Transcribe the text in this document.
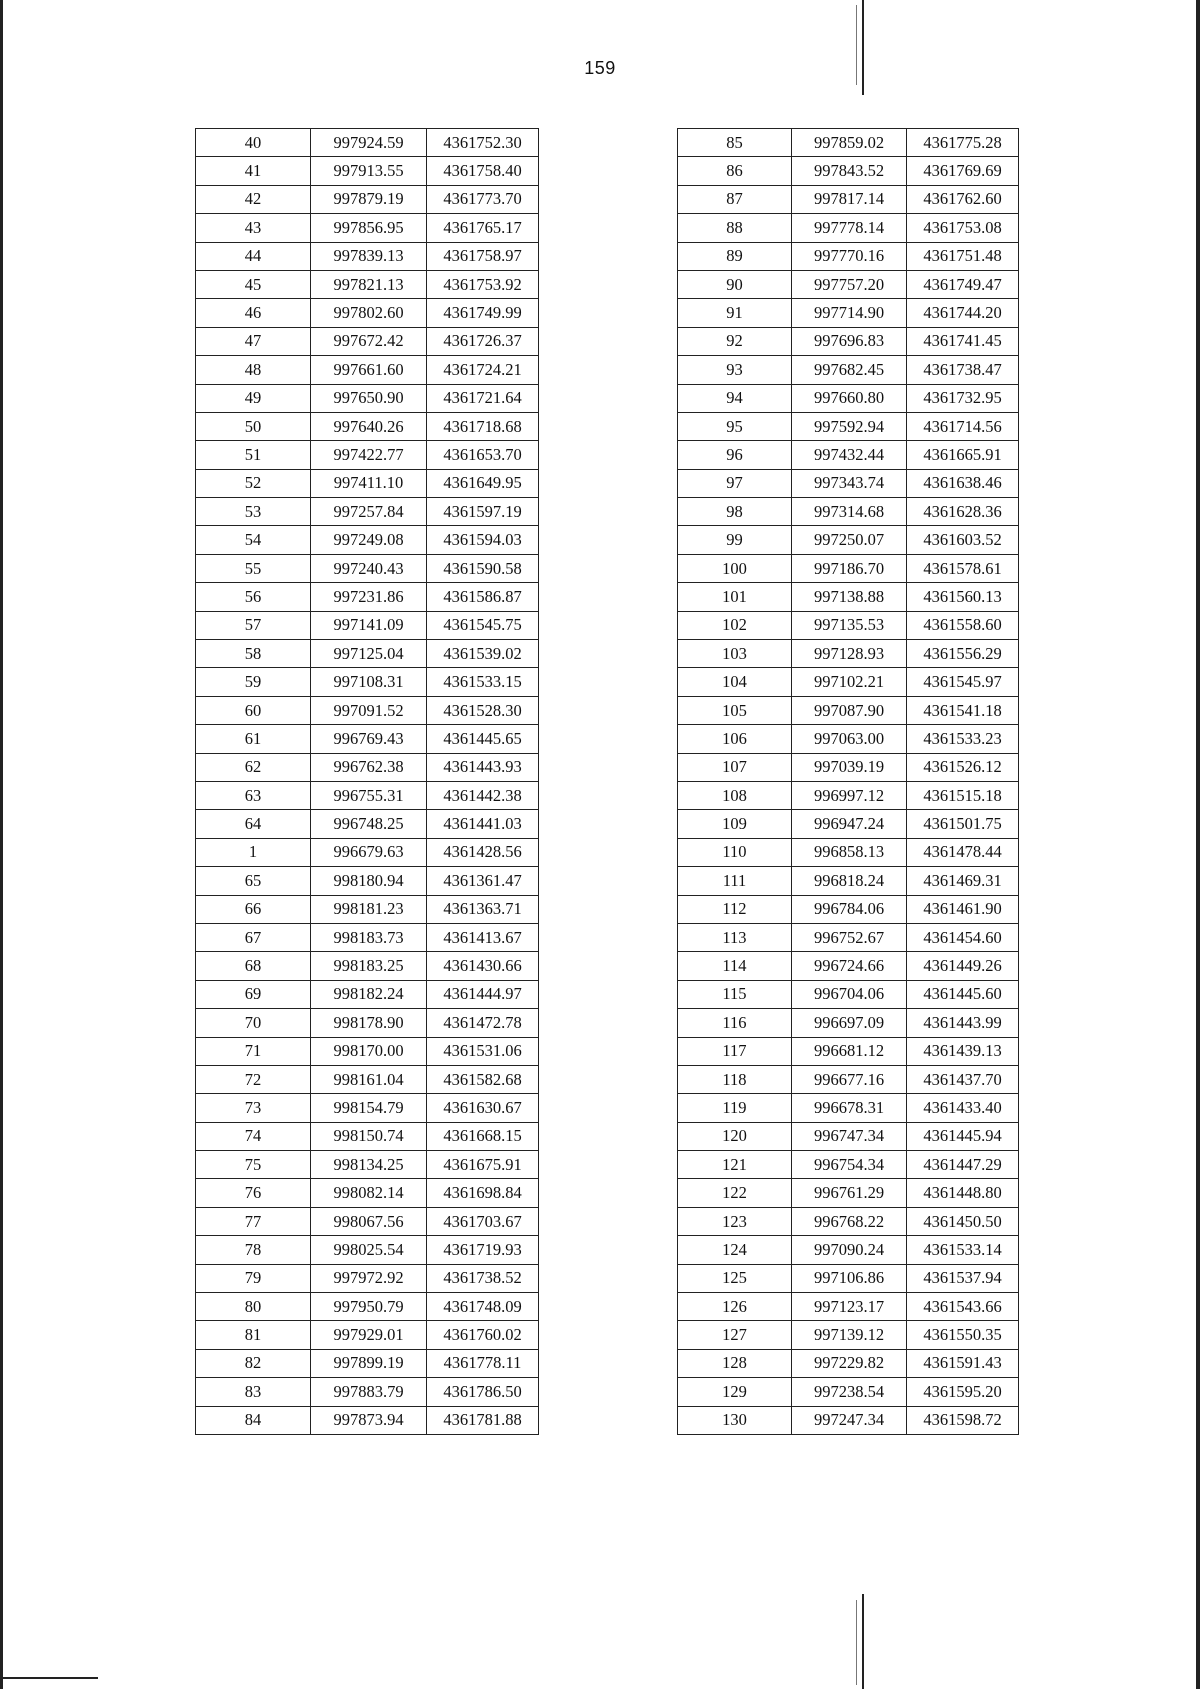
159
40	997924.59	4361752.30
41	997913.55	4361758.40
42	997879.19	4361773.70
43	997856.95	4361765.17
44	997839.13	4361758.97
45	997821.13	4361753.92
46	997802.60	4361749.99
47	997672.42	4361726.37
48	997661.60	4361724.21
49	997650.90	4361721.64
50	997640.26	4361718.68
51	997422.77	4361653.70
52	997411.10	4361649.95
53	997257.84	4361597.19
54	997249.08	4361594.03
55	997240.43	4361590.58
56	997231.86	4361586.87
57	997141.09	4361545.75
58	997125.04	4361539.02
59	997108.31	4361533.15
60	997091.52	4361528.30
61	996769.43	4361445.65
62	996762.38	4361443.93
63	996755.31	4361442.38
64	996748.25	4361441.03
1	996679.63	4361428.56
65	998180.94	4361361.47
66	998181.23	4361363.71
67	998183.73	4361413.67
68	998183.25	4361430.66
69	998182.24	4361444.97
70	998178.90	4361472.78
71	998170.00	4361531.06
72	998161.04	4361582.68
73	998154.79	4361630.67
74	998150.74	4361668.15
75	998134.25	4361675.91
76	998082.14	4361698.84
77	998067.56	4361703.67
78	998025.54	4361719.93
79	997972.92	4361738.52
80	997950.79	4361748.09
81	997929.01	4361760.02
82	997899.19	4361778.11
83	997883.79	4361786.50
84	997873.94	4361781.88
85	997859.02	4361775.28
86	997843.52	4361769.69
87	997817.14	4361762.60
88	997778.14	4361753.08
89	997770.16	4361751.48
90	997757.20	4361749.47
91	997714.90	4361744.20
92	997696.83	4361741.45
93	997682.45	4361738.47
94	997660.80	4361732.95
95	997592.94	4361714.56
96	997432.44	4361665.91
97	997343.74	4361638.46
98	997314.68	4361628.36
99	997250.07	4361603.52
100	997186.70	4361578.61
101	997138.88	4361560.13
102	997135.53	4361558.60
103	997128.93	4361556.29
104	997102.21	4361545.97
105	997087.90	4361541.18
106	997063.00	4361533.23
107	997039.19	4361526.12
108	996997.12	4361515.18
109	996947.24	4361501.75
110	996858.13	4361478.44
111	996818.24	4361469.31
112	996784.06	4361461.90
113	996752.67	4361454.60
114	996724.66	4361449.26
115	996704.06	4361445.60
116	996697.09	4361443.99
117	996681.12	4361439.13
118	996677.16	4361437.70
119	996678.31	4361433.40
120	996747.34	4361445.94
121	996754.34	4361447.29
122	996761.29	4361448.80
123	996768.22	4361450.50
124	997090.24	4361533.14
125	997106.86	4361537.94
126	997123.17	4361543.66
127	997139.12	4361550.35
128	997229.82	4361591.43
129	997238.54	4361595.20
130	997247.34	4361598.72
